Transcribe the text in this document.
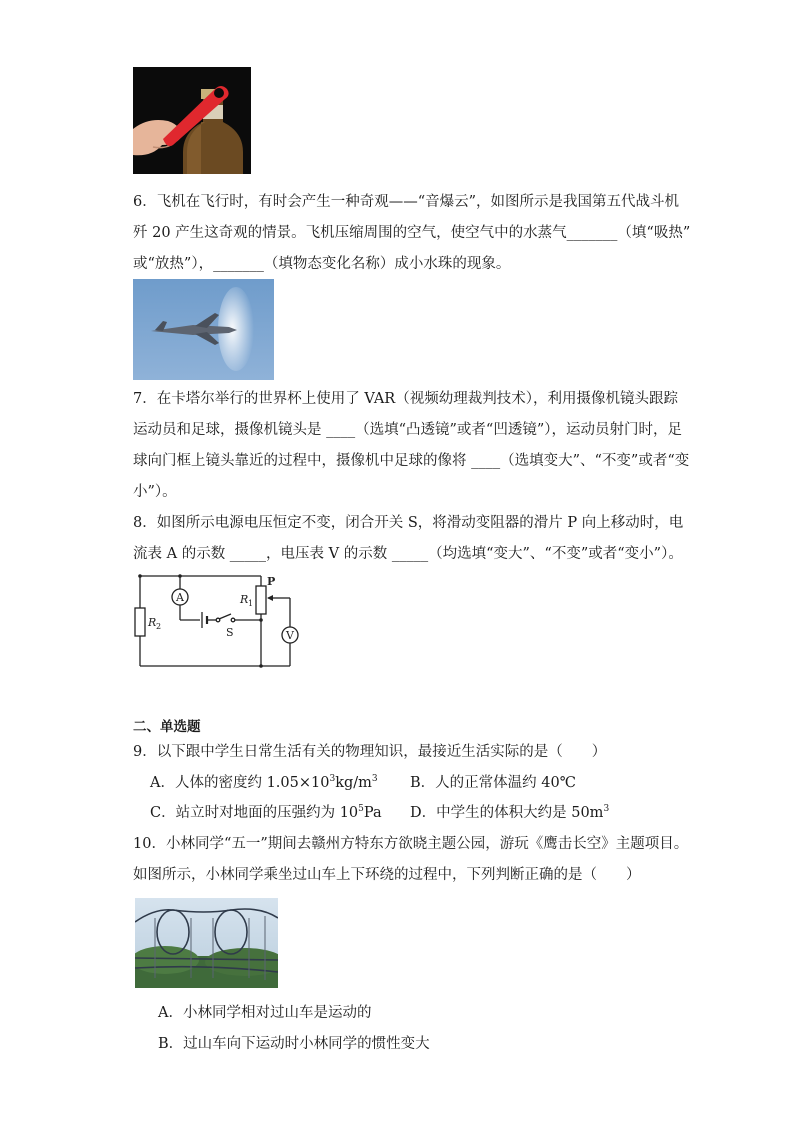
6．飞机在飞行时，有时会产生一种奇观——“音爆云”，如图所示是我国第五代战斗机
歼 20 产生这奇观的情景。飞机压缩周围的空气，使空气中的水蒸气_______（填“吸热”
或“放热”），_______（填物态变化名称）成小水珠的现象。
7．在卡塔尔举行的世界杯上使用了 VAR（视频幼理裁判技术），利用摄像机镜头跟踪
运动员和足球，摄像机镜头是 ____（选填“凸透镜”或者“凹透镜”），运动员射门时，足
球向门框上镜头靠近的过程中，摄像机中足球的像将 ____（选填变大”、“不变”或者“变
小”）。
8．如图所示电源电压恒定不变，闭合开关 S，将滑动变阻器的滑片 P 向上移动时，电
流表 A 的示数 _____，电压表 V 的示数 _____（均选填“变大”、“不变”或者“变小”）。
A
V
P
S
R 1
R 2
二、单选题
9．以下跟中学生日常生活有关的物理知识，最接近生活实际的是（　　）
A．人体的密度约 $1.05\times 10^3kg/m^3$ B．人的正常体温约 40℃
C．站立时对地面的压强约为 $10^5Pa$ D．中学生的体积大约是 $50m^3$
10．小林同学“五一”期间去赣州方特东方欲晓主题公园，游玩《鹰击长空》主题项目。
如图所示，小林同学乘坐过山车上下环绕的过程中，下列判断正确的是（　　）
A．小林同学相对过山车是运动的
B．过山车向下运动时小林同学的惯性变大
